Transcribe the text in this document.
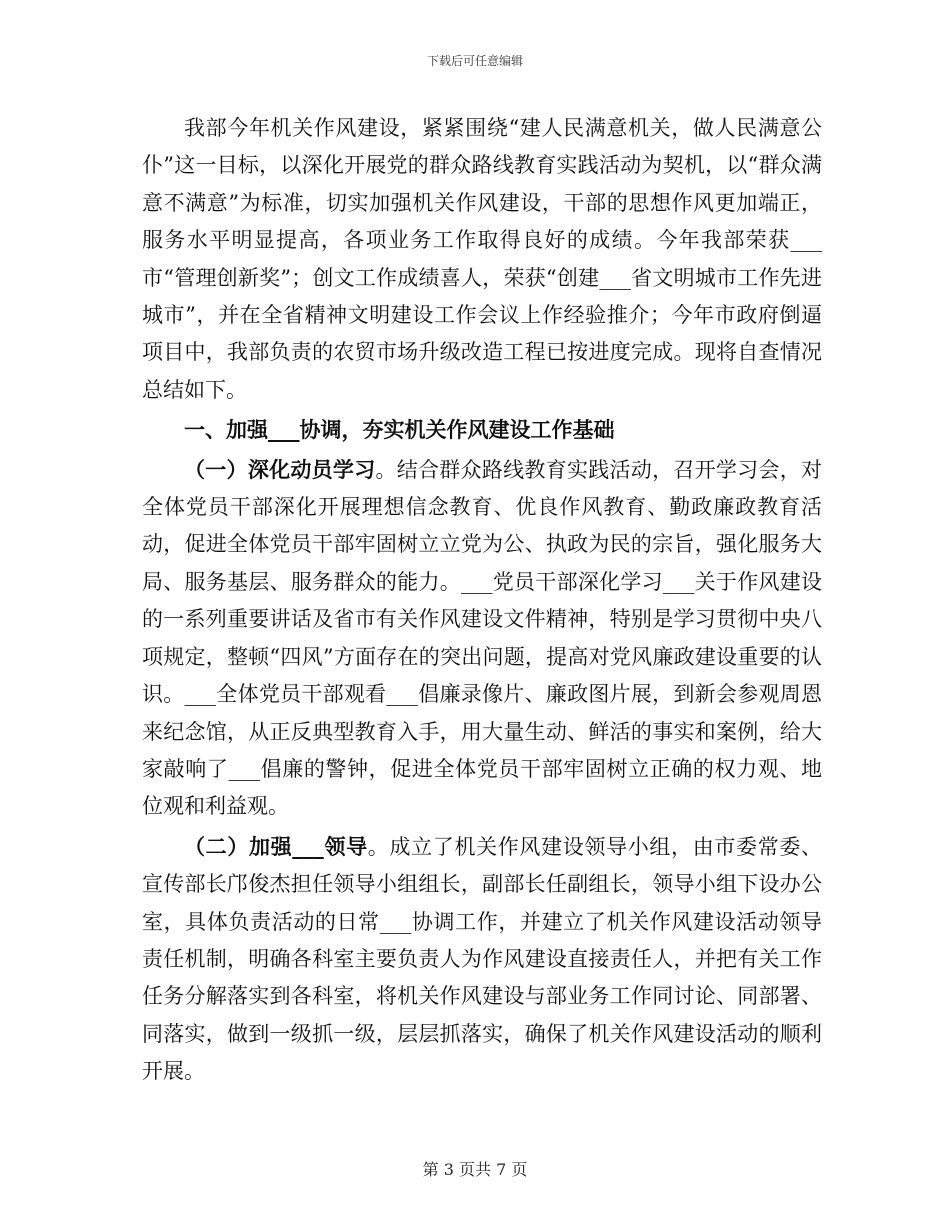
下载后可任意编辑

我部今年机关作风建设，紧紧围绕“建人民满意机关，做人民满意公仆”这一目标，以深化开展党的群众路线教育实践活动为契机，以“群众满意不满意”为标准，切实加强机关作风建设，干部的思想作风更加端正，服务水平明显提高，各项业务工作取得良好的成绩。今年我部荣获___市“管理创新奖”；创文工作成绩喜人，荣获“创建___省文明城市工作先进城市”，并在全省精神文明建设工作会议上作经验推介；今年市政府倒逼项目中，我部负责的农贸市场升级改造工程已按进度完成。现将自查情况总结如下。

一、加强___协调，夯实机关作风建设工作基础

（一）深化动员学习。结合群众路线教育实践活动，召开学习会，对全体党员干部深化开展理想信念教育、优良作风教育、勤政廉政教育活动，促进全体党员干部牢固树立立党为公、执政为民的宗旨，强化服务大局、服务基层、服务群众的能力。___党员干部深化学习___关于作风建设的一系列重要讲话及省市有关作风建设文件精神，特别是学习贯彻中央八项规定，整顿“四风”方面存在的突出问题，提高对党风廉政建设重要的认识。___全体党员干部观看___倡廉录像片、廉政图片展，到新会参观周恩来纪念馆，从正反典型教育入手，用大量生动、鲜活的事实和案例，给大家敲响了___倡廉的警钟，促进全体党员干部牢固树立正确的权力观、地位观和利益观。

（二）加强___领导。成立了机关作风建设领导小组，由市委常委、宣传部长邝俊杰担任领导小组组长，副部长任副组长，领导小组下设办公室，具体负责活动的日常___协调工作，并建立了机关作风建设活动领导责任机制，明确各科室主要负责人为作风建设直接责任人，并把有关工作任务分解落实到各科室，将机关作风建设与部业务工作同讨论、同部署、同落实，做到一级抓一级，层层抓落实，确保了机关作风建设活动的顺利开展。

第 3 页共 7 页
